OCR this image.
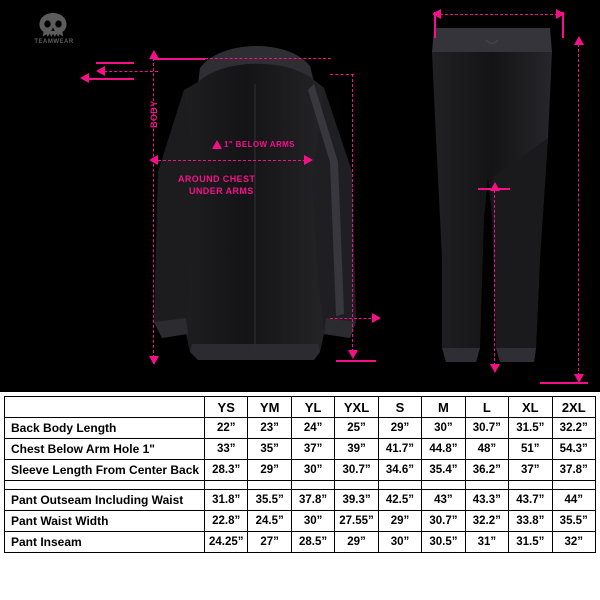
TEAMWEAR
BODY
1" BELOW ARMS
AROUND CHEST
UNDER ARMS
	YS	YM	YL	YXL	S	M	L	XL	2XL
Back Body Length	22”	23”	24”	25”	29”	30”	30.7”	31.5”	32.2”
Chest Below Arm Hole 1"	33”	35”	37”	39”	41.7”	44.8”	48”	51”	54.3”
Sleeve Length From Center Back	28.3”	29”	30”	30.7”	34.6”	35.4”	36.2”	37”	37.8”

Pant Outseam Including Waist	31.8”	35.5”	37.8”	39.3”	42.5”	43”	43.3”	43.7”	44”
Pant Waist Width	22.8”	24.5”	30”	27.55”	29”	30.7”	32.2”	33.8”	35.5”
Pant Inseam	24.25”	27”	28.5”	29”	30”	30.5”	31”	31.5”	32”
